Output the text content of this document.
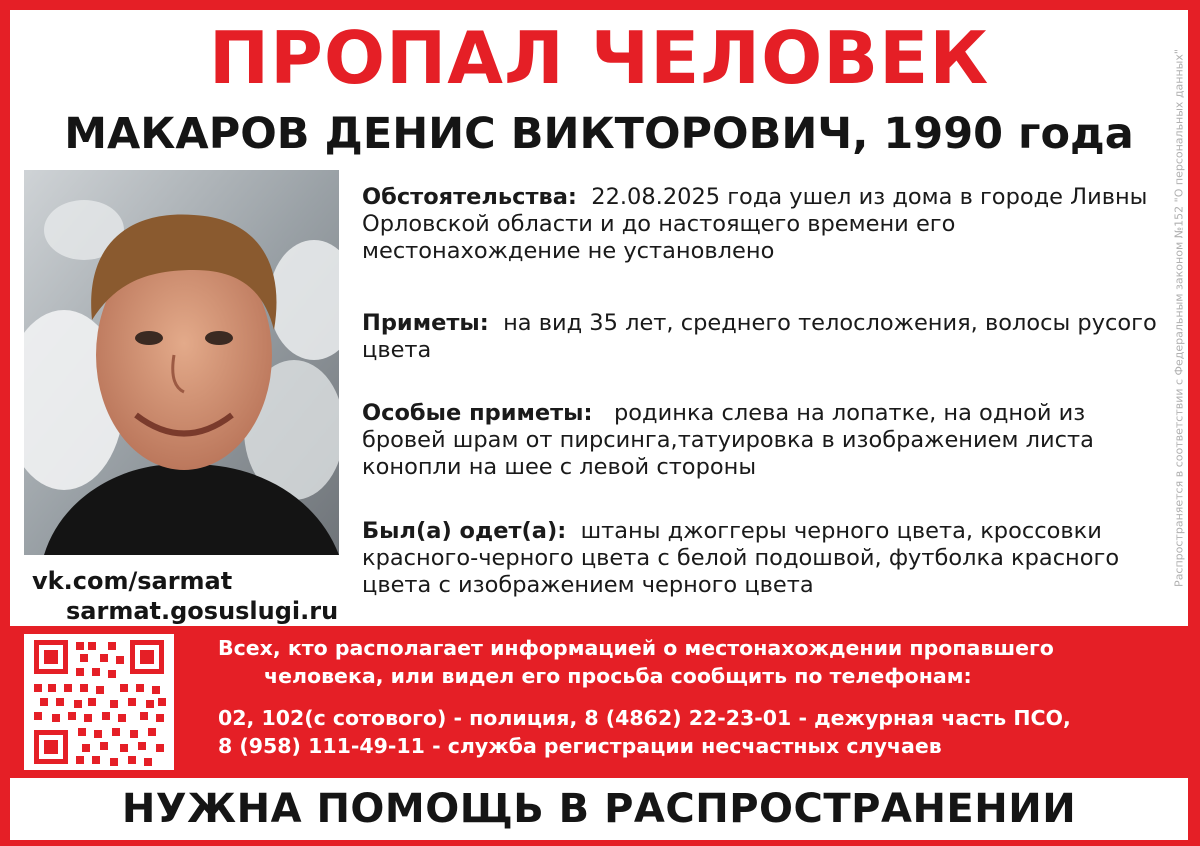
ПРОПАЛ ЧЕЛОВЕК
МАКАРОВ ДЕНИС ВИКТОРОВИЧ, 1990 года
vk.com/sarmat
sarmat.gosuslugi.ru
Обстоятельства: 22.08.2025 года ушел из дома в городе Ливны Орловской области и до настоящего времени его местонахождение не установлено
Приметы: на вид 35 лет, среднего телосложения, волосы русого цвета
Особые приметы: родинка слева на лопатке, на одной из бровей шрам от пирсинга,татуировка в изображением листа конопли на шее с левой стороны
Был(а) одет(а): штаны джоггеры черного цвета, кроссовки красного-черного цвета с белой подошвой, футболка красного цвета с изображением черного цвета	Распространяется в соответствии с Федеральным законом №152 "О персональных данных"
Всех, кто располагает информацией о местонахождении пропавшего
человека, или видел его просьба сообщить по телефонам:
02, 102(с сотового) - полиция, 8 (4862) 22-23-01 - дежурная часть ПСО,
8 (958) 111-49-11 - служба регистрации несчастных случаев
НУЖНА ПОМОЩЬ В РАСПРОСТРАНЕНИИ
